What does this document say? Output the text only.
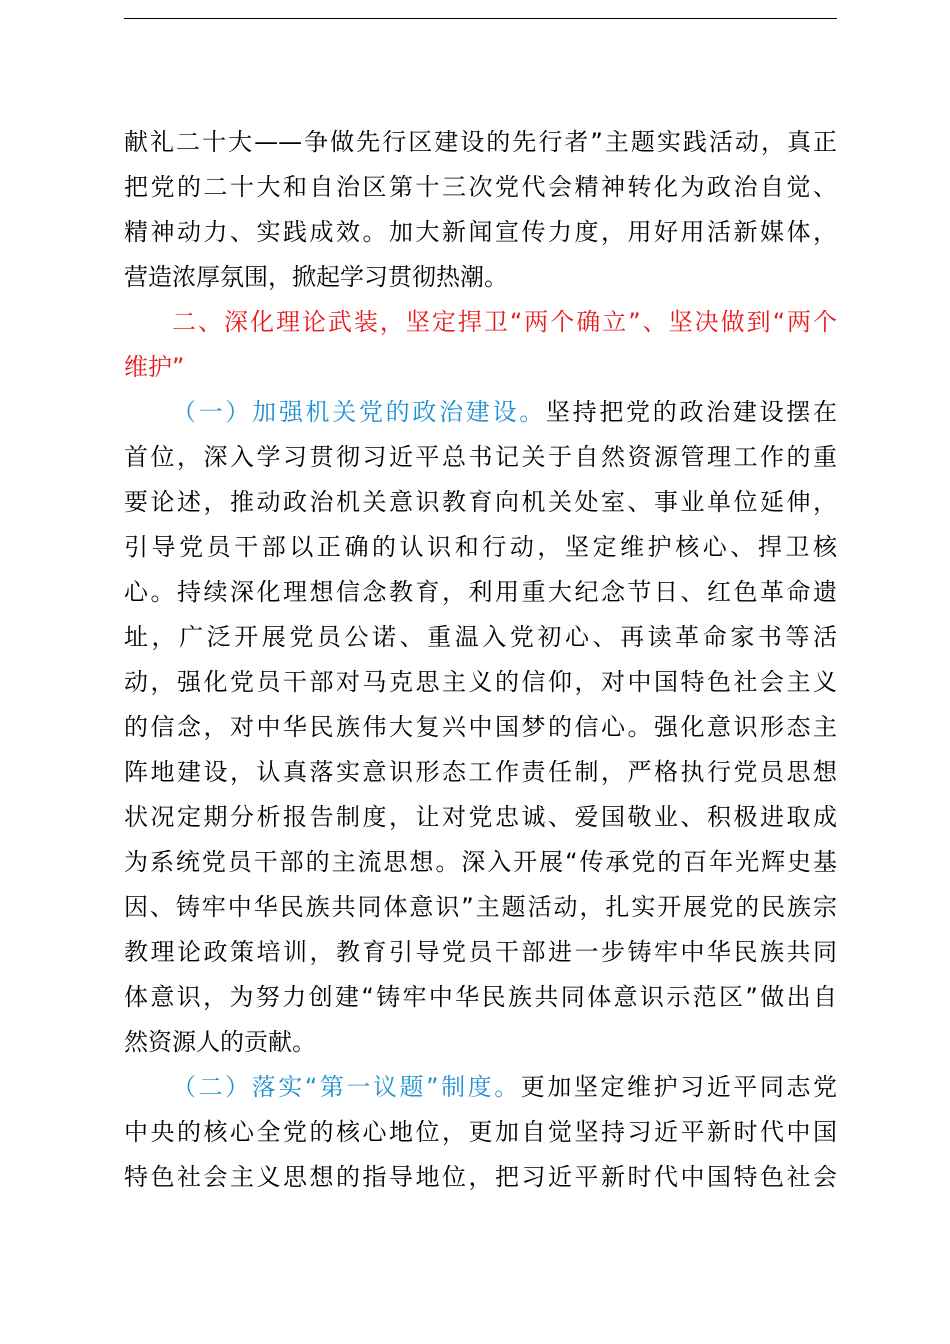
献礼二十大——争做先行区建设的先行者”主题实践活动，真正
把党的二十大和自治区第十三次党代会精神转化为政治自觉、
精神动力、实践成效。加大新闻宣传力度，用好用活新媒体，
营造浓厚氛围，掀起学习贯彻热潮。
二、深化理论武装，坚定捍卫“两个确立”、坚决做到“两个
维护”
（一）加强机关党的政治建设。坚持把党的政治建设摆在
首位，深入学习贯彻习近平总书记关于自然资源管理工作的重
要论述，推动政治机关意识教育向机关处室、事业单位延伸，
引导党员干部以正确的认识和行动，坚定维护核心、捍卫核
心。持续深化理想信念教育，利用重大纪念节日、红色革命遗
址，广泛开展党员公诺、重温入党初心、再读革命家书等活
动，强化党员干部对马克思主义的信仰，对中国特色社会主义
的信念，对中华民族伟大复兴中国梦的信心。强化意识形态主
阵地建设，认真落实意识形态工作责任制，严格执行党员思想
状况定期分析报告制度，让对党忠诚、爱国敬业、积极进取成
为系统党员干部的主流思想。深入开展“传承党的百年光辉史基
因、铸牢中华民族共同体意识”主题活动，扎实开展党的民族宗
教理论政策培训，教育引导党员干部进一步铸牢中华民族共同
体意识，为努力创建“铸牢中华民族共同体意识示范区”做出自
然资源人的贡献。
（二）落实“第一议题”制度。更加坚定维护习近平同志党
中央的核心全党的核心地位，更加自觉坚持习近平新时代中国
特色社会主义思想的指导地位，把习近平新时代中国特色社会
